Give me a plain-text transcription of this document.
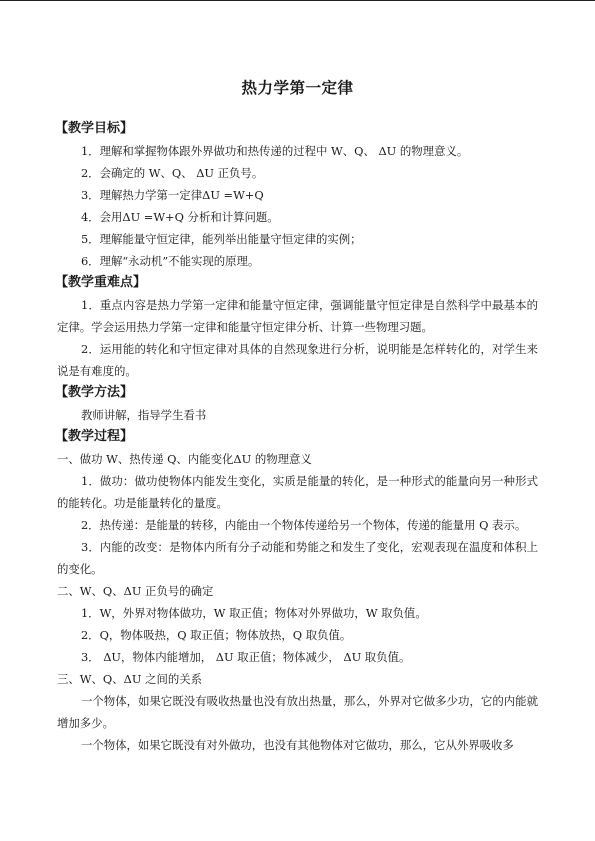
热力学第一定律
【教学目标】

1．理解和掌握物体跟外界做功和热传递的过程中 W、Q、 ΔU 的物理意义。

2．会确定的 W、Q、 ΔU 正负号。

3．理解热力学第一定律ΔU =W+Q

4．会用ΔU =W+Q 分析和计算问题。

5．理解能量守恒定律，能列举出能量守恒定律的实例；

6．理解“永动机”不能实现的原理。

【教学重难点】

1．重点内容是热力学第一定律和能量守恒定律，强调能量守恒定律是自然科学中最基本的定律。学会运用热力学第一定律和能量守恒定律分析、计算一些物理习题。

2．运用能的转化和守恒定律对具体的自然现象进行分析，说明能是怎样转化的，对学生来说是有难度的。

【教学方法】

教师讲解，指导学生看书

【教学过程】

一、做功 W、热传递 Q、内能变化ΔU 的物理意义

1．做功：做功使物体内能发生变化，实质是能量的转化，是一种形式的能量向另一种形式的能转化。功是能量转化的量度。

2．热传递：是能量的转移，内能由一个物体传递给另一个物体，传递的能量用 Q 表示。

3．内能的改变：是物体内所有分子动能和势能之和发生了变化，宏观表现在温度和体积上的变化。

二、W、Q、ΔU 正负号的确定

1．W，外界对物体做功，W 取正值；物体对外界做功，W 取负值。

2．Q，物体吸热，Q 取正值；物体放热，Q 取负值。

3． ΔU，物体内能增加， ΔU 取正值；物体减少， ΔU 取负值。

三、W、Q、ΔU 之间的关系

一个物体，如果它既没有吸收热量也没有放出热量，那么，外界对它做多少功，它的内能就增加多少。

一个物体，如果它既没有对外做功，也没有其他物体对它做功，那么，它从外界吸收多
